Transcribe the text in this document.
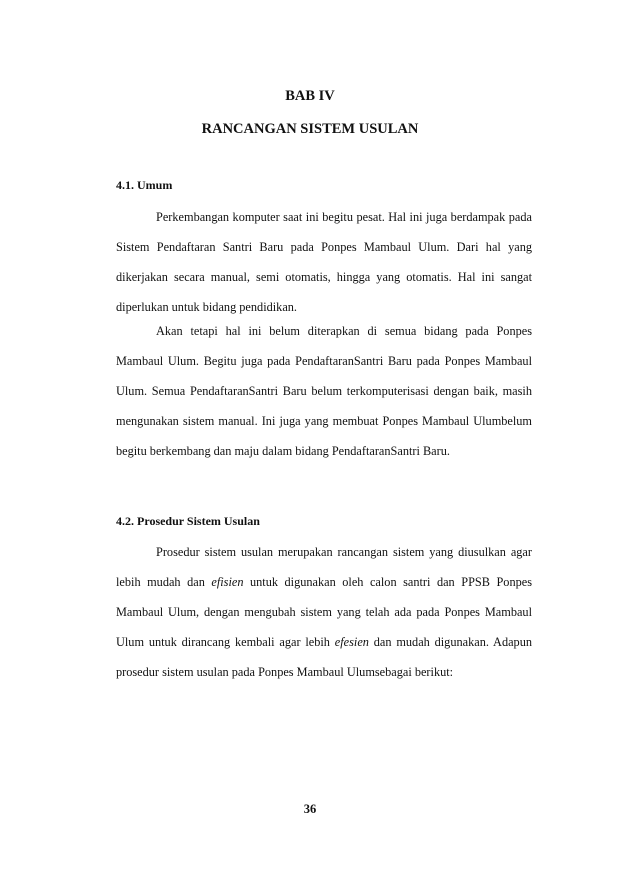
BAB IV
RANCANGAN SISTEM USULAN
4.1. Umum

Perkembangan komputer saat ini begitu pesat. Hal ini juga berdampak pada Sistem Pendaftaran Santri Baru pada Ponpes Mambaul Ulum. Dari hal yang dikerjakan secara manual, semi otomatis, hingga yang otomatis. Hal ini sangat diperlukan untuk bidang pendidikan.

Akan tetapi hal ini belum diterapkan di semua bidang pada Ponpes Mambaul Ulum. Begitu juga pada PendaftaranSantri Baru pada Ponpes Mambaul Ulum. Semua PendaftaranSantri Baru belum terkomputerisasi dengan baik, masih mengunakan sistem manual. Ini juga yang membuat Ponpes Mambaul Ulumbelum begitu berkembang dan maju dalam bidang PendaftaranSantri Baru.

4.2. Prosedur Sistem Usulan

Prosedur sistem usulan merupakan rancangan sistem yang diusulkan agar lebih mudah dan efisien untuk digunakan oleh calon santri dan PPSB Ponpes Mambaul Ulum, dengan mengubah sistem yang telah ada pada Ponpes Mambaul Ulum untuk dirancang kembali agar lebih efesien dan mudah digunakan. Adapun prosedur sistem usulan pada Ponpes Mambaul Ulumsebagai berikut:

36
